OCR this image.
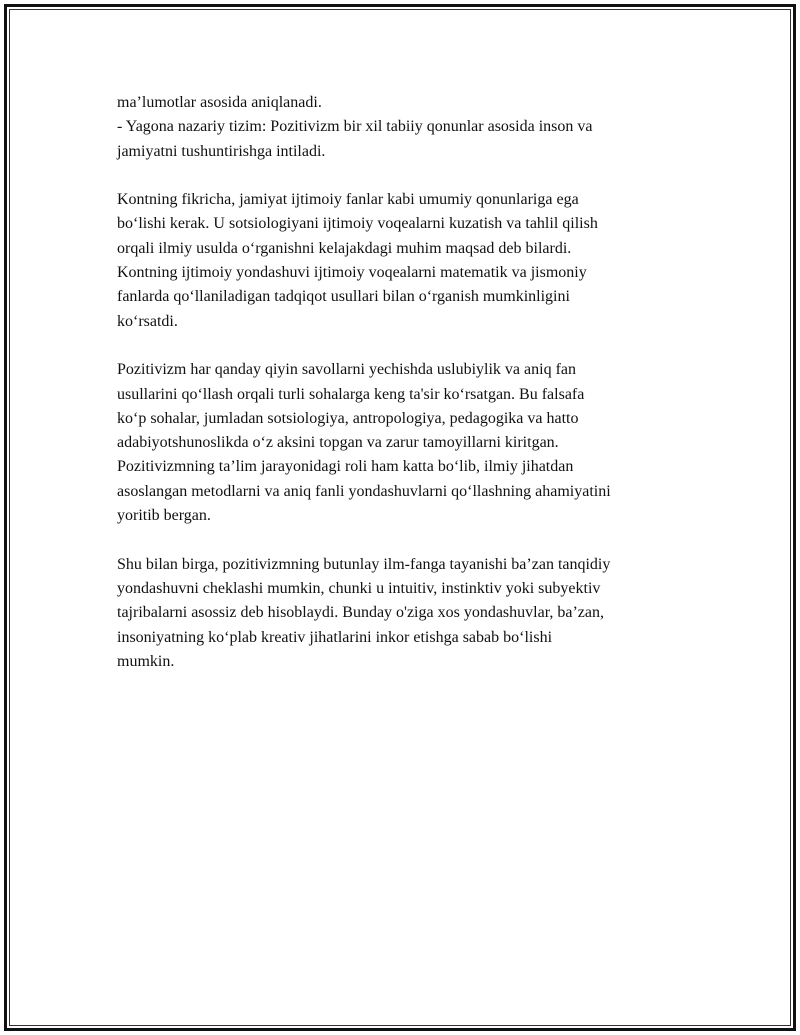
ma’lumotlar asosida aniqlanadi.
- Yagona nazariy tizim: Pozitivizm bir xil tabiiy qonunlar asosida inson va
jamiyatni tushuntirishga intiladi.

Kontning fikricha, jamiyat ijtimoiy fanlar kabi umumiy qonunlariga ega
bo‘lishi kerak. U sotsiologiyani ijtimoiy voqealarni kuzatish va tahlil qilish
orqali ilmiy usulda o‘rganishni kelajakdagi muhim maqsad deb bilardi.
Kontning ijtimoiy yondashuvi ijtimoiy voqealarni matematik va jismoniy
fanlarda qo‘llaniladigan tadqiqot usullari bilan o‘rganish mumkinligini
ko‘rsatdi.

Pozitivizm har qanday qiyin savollarni yechishda uslubiylik va aniq fan
usullarini qo‘llash orqali turli sohalarga keng ta'sir ko‘rsatgan. Bu falsafa
ko‘p sohalar, jumladan sotsiologiya, antropologiya, pedagogika va hatto
adabiyotshunoslikda o‘z aksini topgan va zarur tamoyillarni kiritgan.
Pozitivizmning ta’lim jarayonidagi roli ham katta bo‘lib, ilmiy jihatdan
asoslangan metodlarni va aniq fanli yondashuvlarni qo‘llashning ahamiyatini
yoritib bergan.

Shu bilan birga, pozitivizmning butunlay ilm-fanga tayanishi ba’zan tanqidiy
yondashuvni cheklashi mumkin, chunki u intuitiv, instinktiv yoki subyektiv
tajribalarni asossiz deb hisoblaydi. Bunday o'ziga xos yondashuvlar, ba’zan,
insoniyatning ko‘plab kreativ jihatlarini inkor etishga sabab bo‘lishi
mumkin.
